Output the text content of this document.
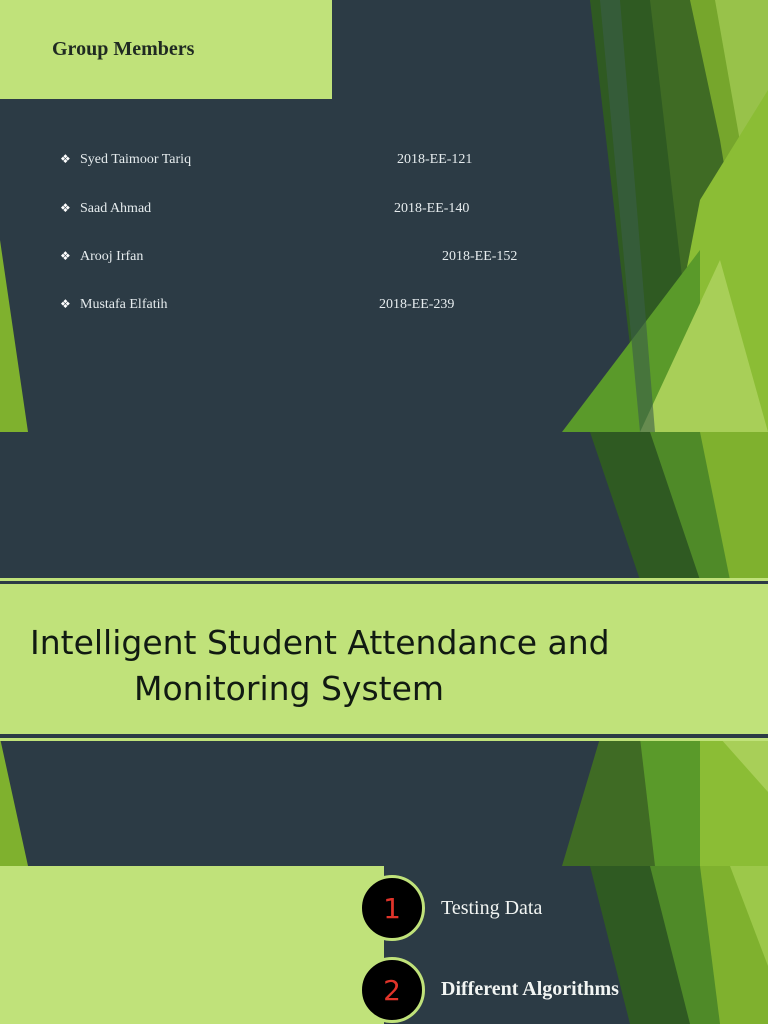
Group Members
❖ Syed Taimoor Tariq	2018-EE-121
❖ Saad Ahmad	2018-EE-140
❖ Arooj Irfan	2018-EE-152
❖ Mustafa Elfatih	2018-EE-239
Intelligent Student Attendance and
Monitoring System
1	Testing Data
2	Different Algorithms
